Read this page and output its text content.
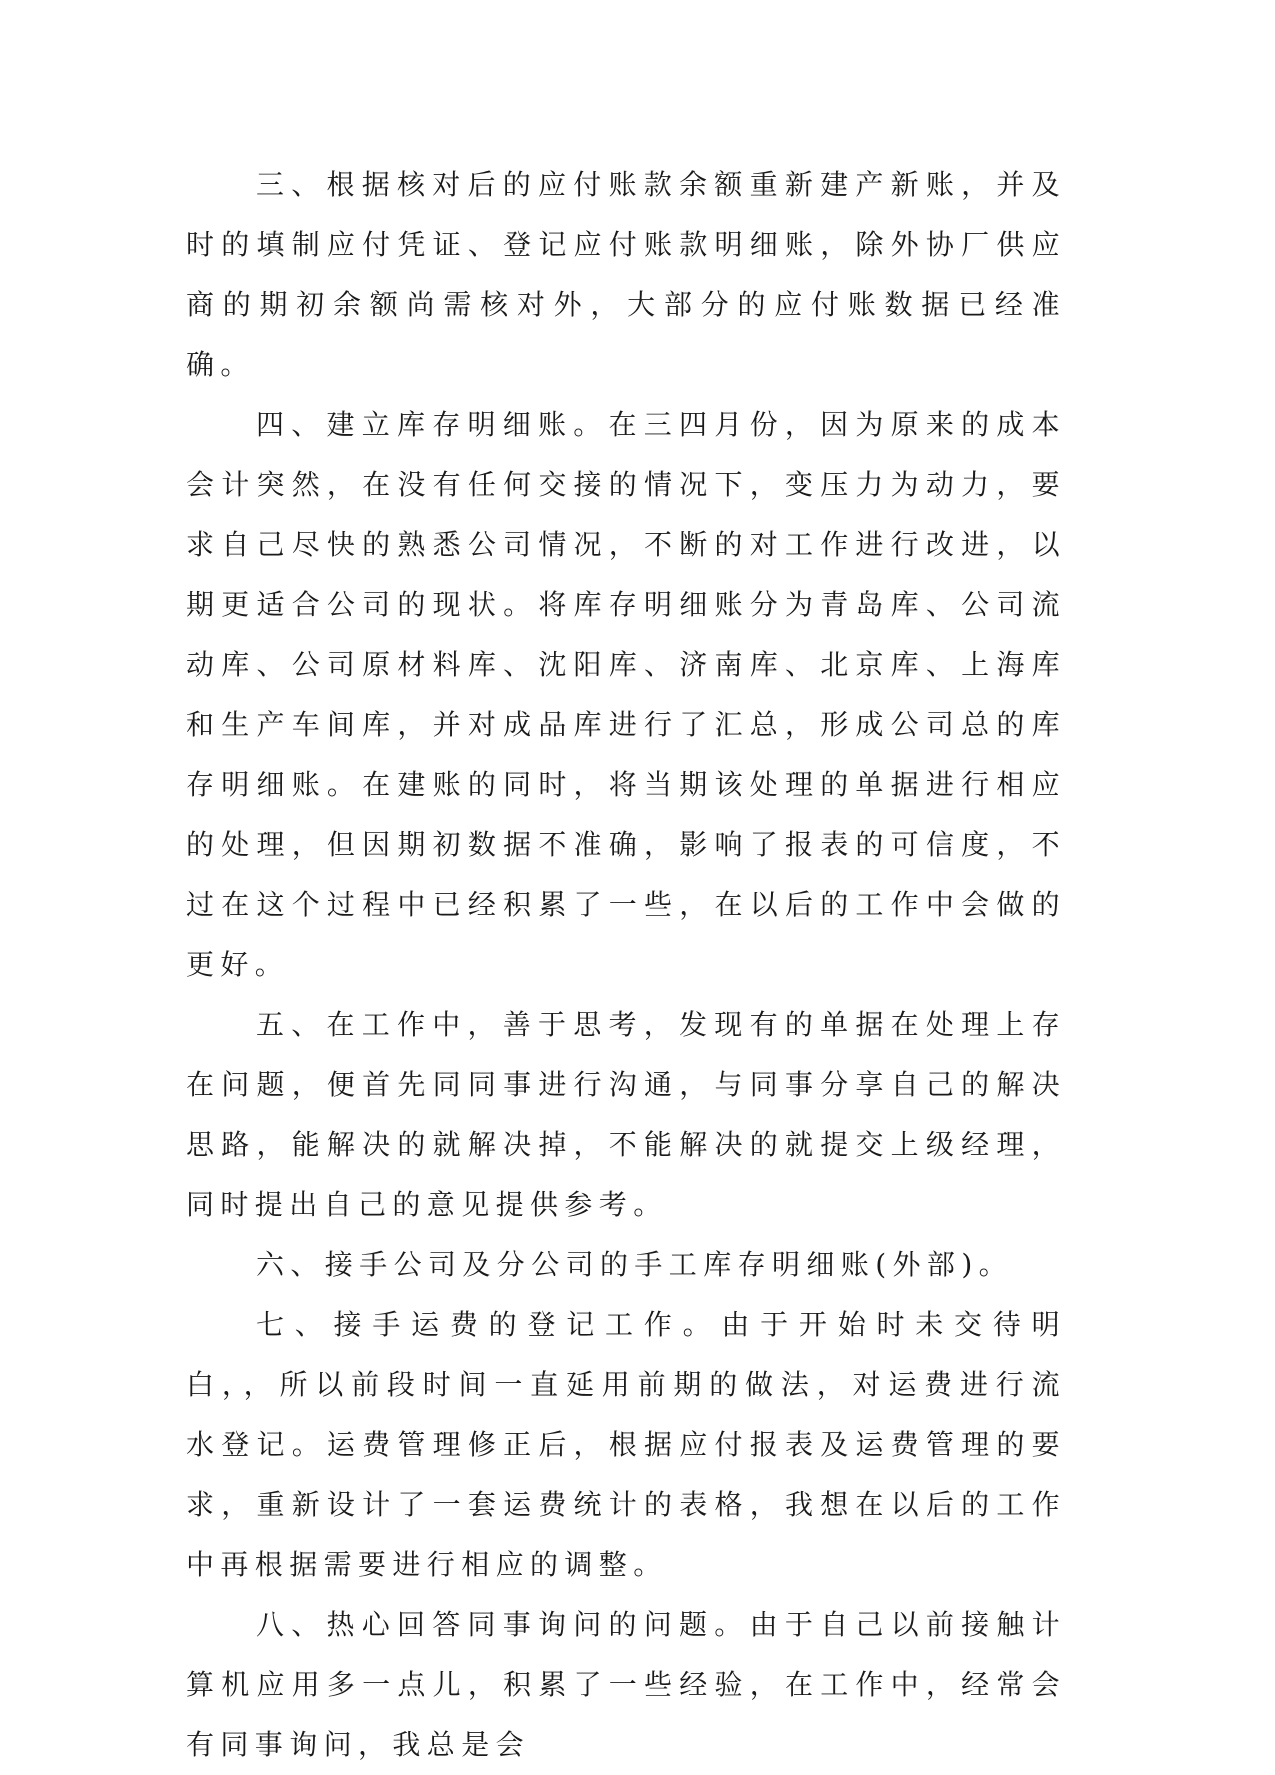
三、根据核对后的应付账款余额重新建产新账，并及时的填制应付凭证、登记应付账款明细账，除外协厂供应商的期初余额尚需核对外，大部分的应付账数据已经准确。

四、建立库存明细账。在三四月份，因为原来的成本会计突然，在没有任何交接的情况下，变压力为动力，要求自己尽快的熟悉公司情况，不断的对工作进行改进，以期更适合公司的现状。将库存明细账分为青岛库、公司流动库、公司原材料库、沈阳库、济南库、北京库、上海库和生产车间库，并对成品库进行了汇总，形成公司总的库存明细账。在建账的同时，将当期该处理的单据进行相应的处理，但因期初数据不准确，影响了报表的可信度，不过在这个过程中已经积累了一些，在以后的工作中会做的更好。

五、在工作中，善于思考，发现有的单据在处理上存在问题，便首先同同事进行沟通，与同事分享自己的解决思路，能解决的就解决掉，不能解决的就提交上级经理，同时提出自己的意见提供参考。

六、接手公司及分公司的手工库存明细账(外部)。

七、接手运费的登记工作。由于开始时未交待明白，，所以前段时间一直延用前期的做法，对运费进行流水登记。运费管理修正后，根据应付报表及运费管理的要求，重新设计了一套运费统计的表格，我想在以后的工作中再根据需要进行相应的调整。

八、热心回答同事询问的问题。由于自己以前接触计算机应用多一点儿，积累了一些经验，在工作中，经常会有同事询问，我总是会
